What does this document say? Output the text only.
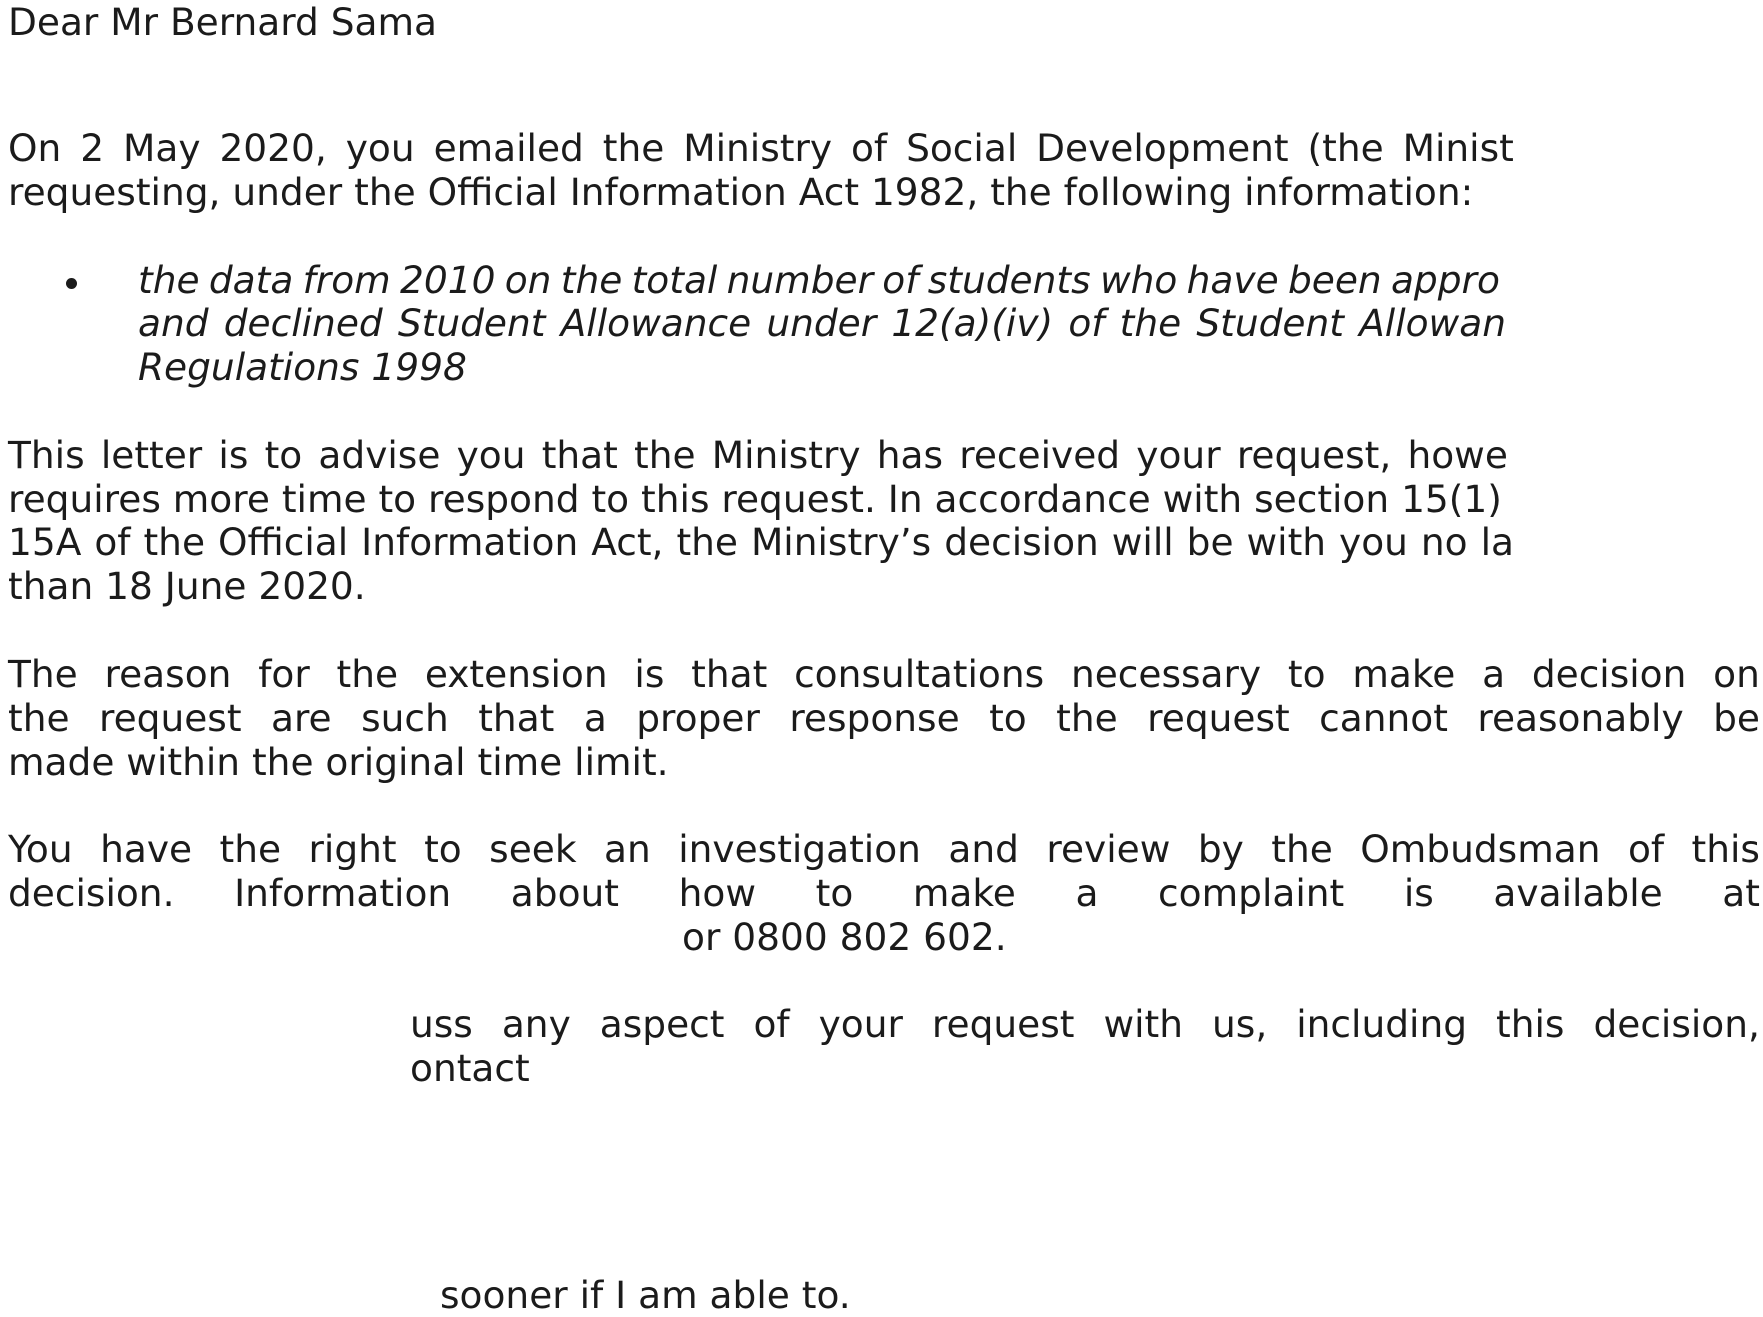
Dear Mr Bernard Sama

On 2 May 2020, you emailed the Ministry of Social Development (the Minist

requesting, under the Official Information Act 1982, the following information:

the data from 2010 on the total number of students who have been appro
and declined Student Allowance under 12(a)(iv) of the Student Allowan

Regulations 1998

This letter is to advise you that the Ministry has received your request, howe

requires more time to respond to this request. In accordance with section 15(1)

15A of the Official Information Act, the Ministry’s decision will be with you no la

than 18 June 2020.

The reason for the extension is that consultations necessary to make a decision on
the request are such that a proper response to the request cannot reasonably be

made within the original time limit.

You have the right to seek an investigation and review by the Ombudsman of this
decision. Information about how to make a complaint is available at

or 0800 802 602.

uss any aspect of your request with us, including this decision,

ontact

sooner if I am able to.
